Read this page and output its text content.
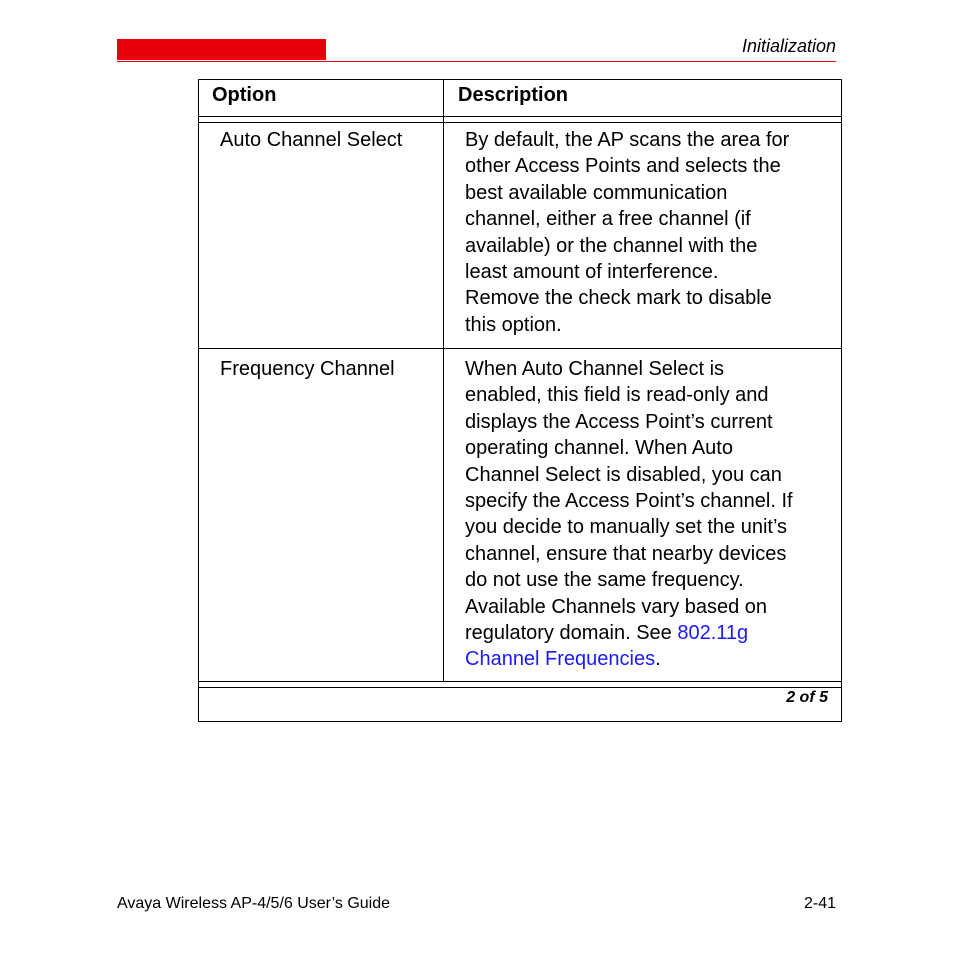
Initialization
Option	Description
Auto Channel Select	By default, the AP scans the area for
other Access Points and selects the
best available communication
channel, either a free channel (if
available) or the channel with the
least amount of interference.
Remove the check mark to disable
this option.
Frequency Channel	When Auto Channel Select is
enabled, this field is read-only and
displays the Access Point’s current
operating channel. When Auto
Channel Select is disabled, you can
specify the Access Point’s channel. If
you decide to manually set the unit’s
channel, ensure that nearby devices
do not use the same frequency.
Available Channels vary based on
regulatory domain. See 802.11g
Channel Frequencies.
2 of 5
Avaya Wireless AP-4/5/6 User’s Guide	2-41
